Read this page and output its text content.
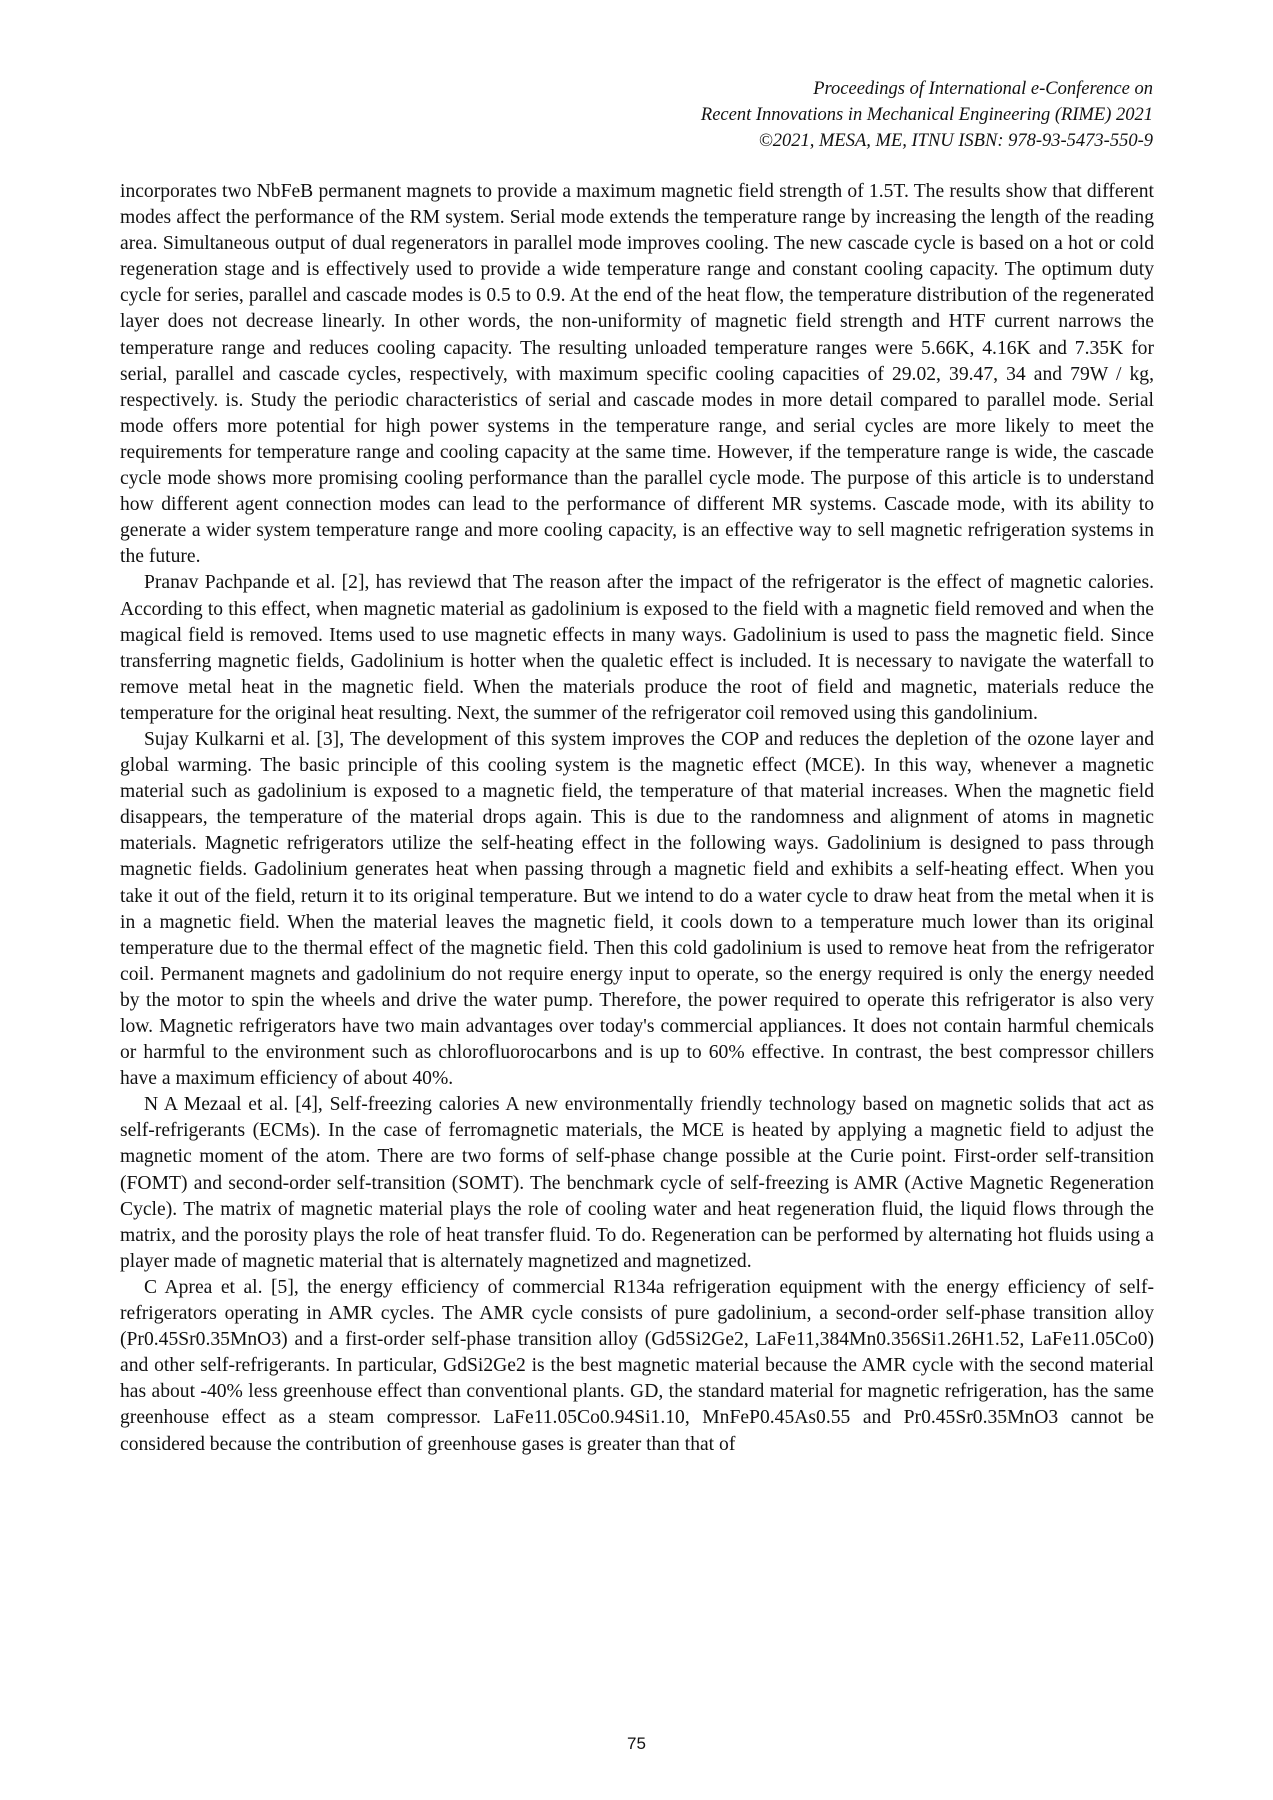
Proceedings of International e-Conference on
Recent Innovations in Mechanical Engineering (RIME) 2021
©2021, MESA, ME, ITNU ISBN: 978-93-5473-550-9

incorporates two NbFeB permanent magnets to provide a maximum magnetic field strength of 1.5T. The results show that different modes affect the performance of the RM system. Serial mode extends the temperature range by increasing the length of the reading area. Simultaneous output of dual regenerators in parallel mode improves cooling. The new cascade cycle is based on a hot or cold regeneration stage and is effectively used to provide a wide temperature range and constant cooling capacity. The optimum duty cycle for series, parallel and cascade modes is 0.5 to 0.9. At the end of the heat flow, the temperature distribution of the regenerated layer does not decrease linearly. In other words, the non-uniformity of magnetic field strength and HTF current narrows the temperature range and reduces cooling capacity. The resulting unloaded temperature ranges were 5.66K, 4.16K and 7.35K for serial, parallel and cascade cycles, respectively, with maximum specific cooling capacities of 29.02, 39.47, 34 and 79W / kg, respectively. is. Study the periodic characteristics of serial and cascade modes in more detail compared to parallel mode. Serial mode offers more potential for high power systems in the temperature range, and serial cycles are more likely to meet the requirements for temperature range and cooling capacity at the same time. However, if the temperature range is wide, the cascade cycle mode shows more promising cooling performance than the parallel cycle mode. The purpose of this article is to understand how different agent connection modes can lead to the performance of different MR systems. Cascade mode, with its ability to generate a wider system temperature range and more cooling capacity, is an effective way to sell magnetic refrigeration systems in the future.

Pranav Pachpande et al. [2], has reviewd that The reason after the impact of the refrigerator is the effect of magnetic calories. According to this effect, when magnetic material as gadolinium is exposed to the field with a magnetic field removed and when the magical field is removed. Items used to use magnetic effects in many ways. Gadolinium is used to pass the magnetic field. Since transferring magnetic fields, Gadolinium is hotter when the qualetic effect is included. It is necessary to navigate the waterfall to remove metal heat in the magnetic field. When the materials produce the root of field and magnetic, materials reduce the temperature for the original heat resulting. Next, the summer of the refrigerator coil removed using this gandolinium.

Sujay Kulkarni et al. [3], The development of this system improves the COP and reduces the depletion of the ozone layer and global warming. The basic principle of this cooling system is the magnetic effect (MCE). In this way, whenever a magnetic material such as gadolinium is exposed to a magnetic field, the temperature of that material increases. When the magnetic field disappears, the temperature of the material drops again. This is due to the randomness and alignment of atoms in magnetic materials. Magnetic refrigerators utilize the self-heating effect in the following ways. Gadolinium is designed to pass through magnetic fields. Gadolinium generates heat when passing through a magnetic field and exhibits a self-heating effect. When you take it out of the field, return it to its original temperature. But we intend to do a water cycle to draw heat from the metal when it is in a magnetic field. When the material leaves the magnetic field, it cools down to a temperature much lower than its original temperature due to the thermal effect of the magnetic field. Then this cold gadolinium is used to remove heat from the refrigerator coil. Permanent magnets and gadolinium do not require energy input to operate, so the energy required is only the energy needed by the motor to spin the wheels and drive the water pump. Therefore, the power required to operate this refrigerator is also very low. Magnetic refrigerators have two main advantages over today's commercial appliances. It does not contain harmful chemicals or harmful to the environment such as chlorofluorocarbons and is up to 60% effective. In contrast, the best compressor chillers have a maximum efficiency of about 40%.

N A Mezaal et al. [4], Self-freezing calories A new environmentally friendly technology based on magnetic solids that act as self-refrigerants (ECMs). In the case of ferromagnetic materials, the MCE is heated by applying a magnetic field to adjust the magnetic moment of the atom. There are two forms of self-phase change possible at the Curie point. First-order self-transition (FOMT) and second-order self-transition (SOMT). The benchmark cycle of self-freezing is AMR (Active Magnetic Regeneration Cycle). The matrix of magnetic material plays the role of cooling water and heat regeneration fluid, the liquid flows through the matrix, and the porosity plays the role of heat transfer fluid. To do. Regeneration can be performed by alternating hot fluids using a player made of magnetic material that is alternately magnetized and magnetized.

C Aprea et al. [5], the energy efficiency of commercial R134a refrigeration equipment with the energy efficiency of self-refrigerators operating in AMR cycles. The AMR cycle consists of pure gadolinium, a second-order self-phase transition alloy (Pr0.45Sr0.35MnO3) and a first-order self-phase transition alloy (Gd5Si2Ge2, LaFe11,384Mn0.356Si1.26H1.52, LaFe11.05Co0) and other self-refrigerants. In particular, GdSi2Ge2 is the best magnetic material because the AMR cycle with the second material has about -40% less greenhouse effect than conventional plants. GD, the standard material for magnetic refrigeration, has the same greenhouse effect as a steam compressor. LaFe11.05Co0.94Si1.10, MnFeP0.45As0.55 and Pr0.45Sr0.35MnO3 cannot be considered because the contribution of greenhouse gases is greater than that of

75
